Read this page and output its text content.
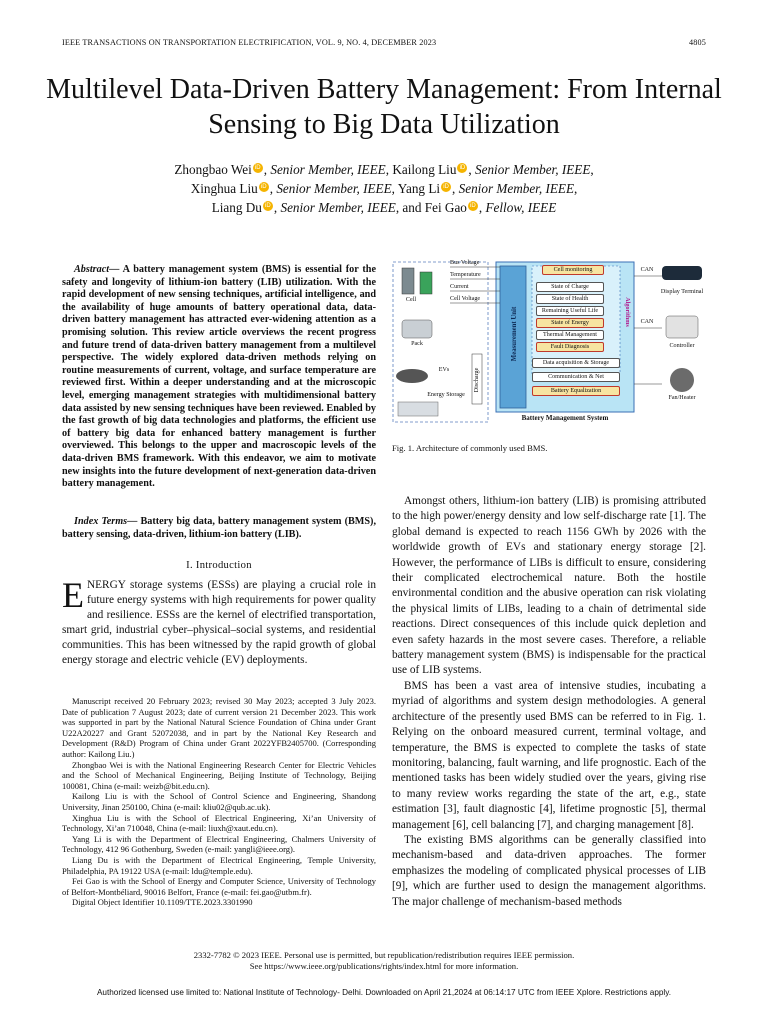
IEEE TRANSACTIONS ON TRANSPORTATION ELECTRIFICATION, VOL. 9, NO. 4, DECEMBER 2023	4805
Multilevel Data-Driven Battery Management: From Internal Sensing to Big Data Utilization
Zhongbao Wei iD , Senior Member, IEEE, Kailong Liu iD , Senior Member, IEEE,
Xinghua Liu iD , Senior Member, IEEE, Yang Li iD , Senior Member, IEEE,
Liang Du iD , Senior Member, IEEE, and Fei Gao iD , Fellow, IEEE

Abstract— A battery management system (BMS) is essential for the safety and longevity of lithium-ion battery (LIB) utilization. With the rapid development of new sensing techniques, artificial intelligence, and the availability of huge amounts of battery operational data, data-driven battery management has attracted ever-widening attention as a promising solution. This review article overviews the recent progress and future trend of data-driven battery management from a multilevel perspective. The widely explored data-driven methods relying on routine measurements of current, voltage, and surface temperature are reviewed first. Within a deeper understanding and at the microscopic level, emerging management strategies with multidimensional battery data assisted by new sensing techniques have been reviewed. Enabled by the fast growth of big data technologies and platforms, the efficient use of battery big data for enhanced battery management is further overviewed. This belongs to the upper and macroscopic levels of the data-driven BMS framework. With this endeavor, we aim to motivate new insights into the future development of next-generation data-driven battery management.

Index Terms— Battery big data, battery management system (BMS), battery sensing, data-driven, lithium-ion battery (LIB).

I. Introduction

ENERGY storage systems (ESSs) are playing a crucial role in future energy systems with high requirements for power quality and resilience. ESSs are the kernel of electrified transportation, smart grid, industrial cyber–physical–social systems, and residential communities. This has been witnessed by the rapid growth of global energy storage and electric vehicle (EV) deployments.

Manuscript received 20 February 2023; revised 30 May 2023; accepted 3 July 2023. Date of publication 7 August 2023; date of current version 21 December 2023. This work was supported in part by the National Natural Science Foundation of China under Grant U22A20227 and Grant 52072038, and in part by the National Key Research and Development (R&D) Program of China under Grant 2022YFB2405700. (Corresponding author: Kailong Liu.)

Zhongbao Wei is with the National Engineering Research Center for Electric Vehicles and the School of Mechanical Engineering, Beijing Institute of Technology, Beijing 100081, China (e-mail: weizb@bit.edu.cn).

Kailong Liu is with the School of Control Science and Engineering, Shandong University, Jinan 250100, China (e-mail: kliu02@qub.ac.uk).

Xinghua Liu is with the School of Electrical Engineering, Xi’an University of Technology, Xi’an 710048, China (e-mail: liuxh@xaut.edu.cn).

Yang Li is with the Department of Electrical Engineering, Chalmers University of Technology, 412 96 Gothenburg, Sweden (e-mail: yangli@ieee.org).

Liang Du is with the Department of Electrical Engineering, Temple University, Philadelphia, PA 19122 USA (e-mail: ldu@temple.edu).

Fei Gao is with the School of Energy and Computer Science, University of Technology of Belfort-Montbéliard, 90016 Belfort, France (e-mail: fei.gao@utbm.fr).

Digital Object Identifier 10.1109/TTE.2023.3301990

Cell
Pack
EVs
Energy Storage
Discharge
Bus Voltage
Temperature
Current
Cell Voltage
Measurement Unit	Algorithms
Cell monitoring
State of Charge
State of Health
Remaining Useful Life
State of Energy
Thermal Management
Fault Diagnosis
Data acquisition & Storage
Communication & Net
Battery Equalization
Battery Management System
CAN
CAN
Display Terminal
Controller
Fan/Heater
Fig. 1. Architecture of commonly used BMS.

Amongst others, lithium-ion battery (LIB) is promising attributed to the high power/energy density and low self-discharge rate [1]. The global demand is expected to reach 1156 GWh by 2026 with the worldwide growth of EVs and stationary energy storage [2]. However, the performance of LIBs is difficult to ensure, considering their complicated electrochemical nature. Both the hostile environmental condition and the abusive operation can risk violating the physical limits of LIBs, leading to a chain of detrimental side reactions. Direct consequences of this include quick depletion and even safety hazards in the most severe cases. Therefore, a reliable battery management system (BMS) is indispensable for the practical use of LIB systems.

BMS has been a vast area of intensive studies, incubating a myriad of algorithms and system design methodologies. A general architecture of the presently used BMS can be referred to in Fig. 1. Relying on the onboard measured current, terminal voltage, and temperature, the BMS is expected to complete the tasks of state monitoring, balancing, fault warning, and life prognostic. Each of the mentioned tasks has been widely studied over the years, giving rise to many review works regarding the state of the art, e.g., state estimation [3], fault diagnostic [4], lifetime prognostic [5], thermal management [6], cell balancing [7], and charging management [8].

The existing BMS algorithms can be generally classified into mechanism-based and data-driven approaches. The former emphasizes the modeling of complicated physical processes of LIB [9], which are further used to design the management algorithms. The major challenge of mechanism-based methods

2332-7782 © 2023 IEEE. Personal use is permitted, but republication/redistribution requires IEEE permission.
See https://www.ieee.org/publications/rights/index.html for more information.
Authorized licensed use limited to: National Institute of Technology- Delhi. Downloaded on April 21,2024 at 06:14:17 UTC from IEEE Xplore. Restrictions apply.
